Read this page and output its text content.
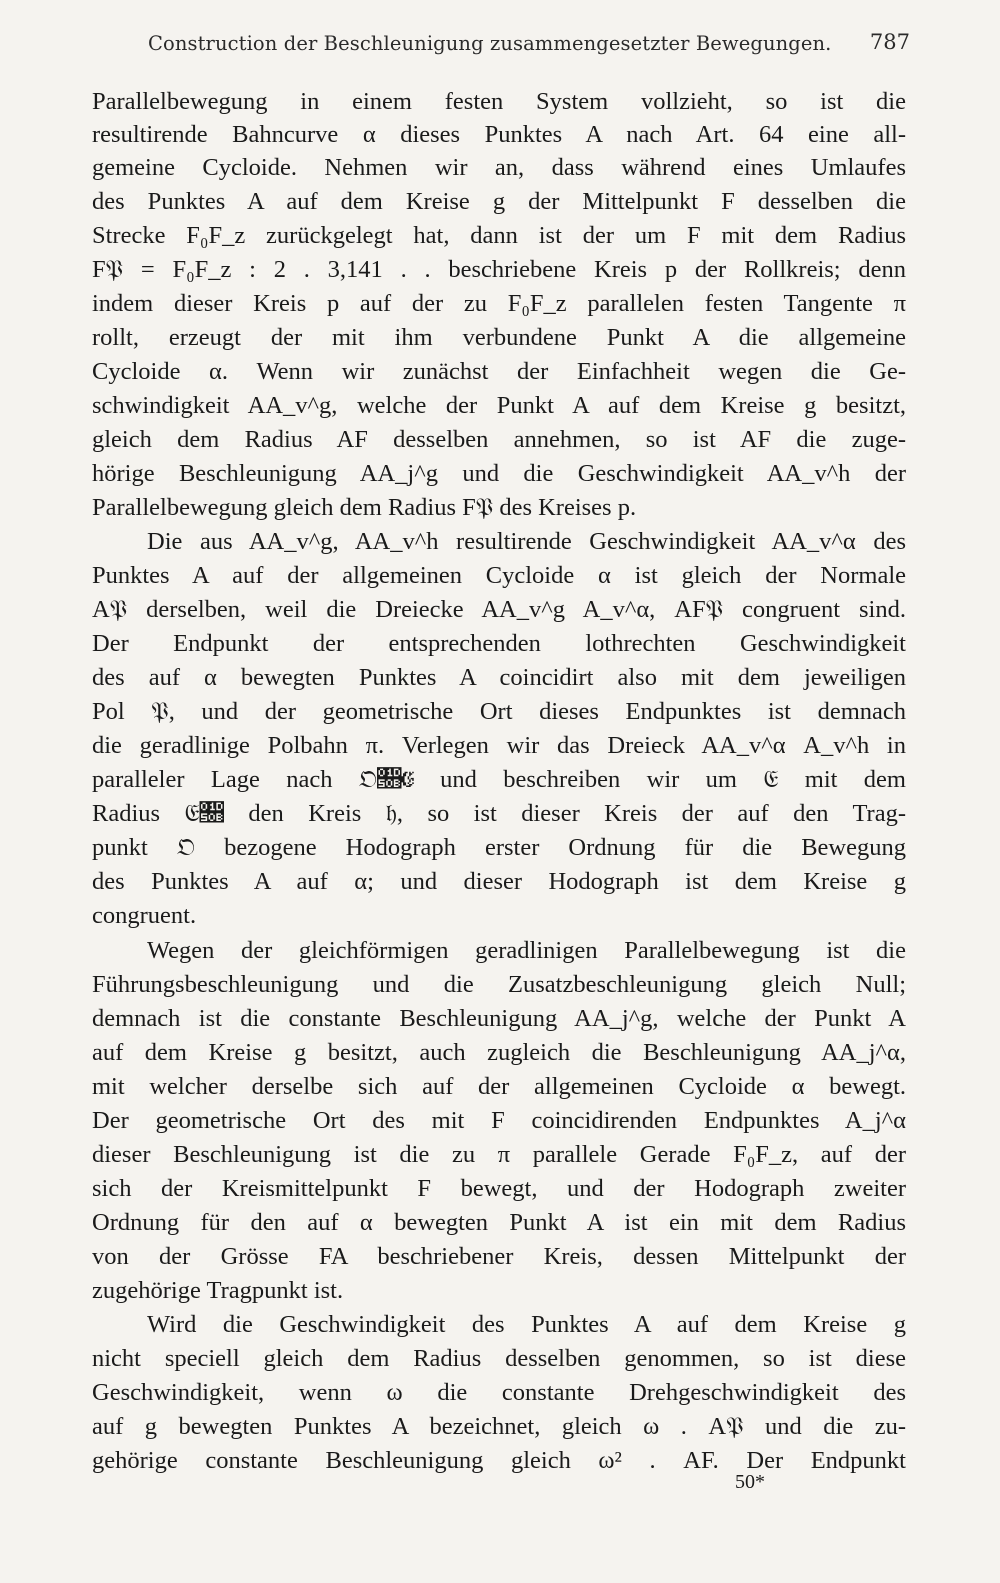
Construction der Beschleunigung zusammengesetzter Bewegungen. 787
Parallelbewegung in einem festen System vollzieht, so ist die
resultirende Bahncurve α dieses Punktes A nach Art. 64 eine all-
gemeine Cycloide. Nehmen wir an, dass während eines Umlaufes
des Punktes A auf dem Kreise g der Mittelpunkt F desselben die
Strecke F₀F_z zurückgelegt hat, dann ist der um F mit dem Radius
F𝔓 = F₀F_z : 2 . 3,141 . . beschriebene Kreis p der Rollkreis; denn
indem dieser Kreis p auf der zu F₀F_z parallelen festen Tangente π
rollt, erzeugt der mit ihm verbundene Punkt A die allgemeine
Cycloide α. Wenn wir zunächst der Einfachheit wegen die Ge-
schwindigkeit AA_v^g, welche der Punkt A auf dem Kreise g besitzt,
gleich dem Radius AF desselben annehmen, so ist AF die zuge-
hörige Beschleunigung AA_j^g und die Geschwindigkeit AA_v^h der
Parallelbewegung gleich dem Radius F𝔓 des Kreises p.
Die aus AA_v^g, AA_v^h resultirende Geschwindigkeit AA_v^α des
Punktes A auf der allgemeinen Cycloide α ist gleich der Normale
A𝔓 derselben, weil die Dreiecke AA_v^g A_v^α, AF𝔓 congruent sind.
Der Endpunkt der entsprechenden lothrechten Geschwindigkeit
des auf α bewegten Punktes A coincidirt also mit dem jeweiligen
Pol 𝔓, und der geometrische Ort dieses Endpunktes ist demnach
die geradlinige Polbahn π. Verlegen wir das Dreieck AA_v^α A_v^h in
paralleler Lage nach 𝔒𝔋𝔈 und beschreiben wir um 𝔈 mit dem
Radius 𝔈𝔋 den Kreis 𝔥, so ist dieser Kreis der auf den Trag-
punkt 𝔒 bezogene Hodograph erster Ordnung für die Bewegung
des Punktes A auf α; und dieser Hodograph ist dem Kreise g
congruent.
Wegen der gleichförmigen geradlinigen Parallelbewegung ist die
Führungsbeschleunigung und die Zusatzbeschleunigung gleich Null;
demnach ist die constante Beschleunigung AA_j^g, welche der Punkt A
auf dem Kreise g besitzt, auch zugleich die Beschleunigung AA_j^α,
mit welcher derselbe sich auf der allgemeinen Cycloide α bewegt.
Der geometrische Ort des mit F coincidirenden Endpunktes A_j^α
dieser Beschleunigung ist die zu π parallele Gerade F₀F_z, auf der
sich der Kreismittelpunkt F bewegt, und der Hodograph zweiter
Ordnung für den auf α bewegten Punkt A ist ein mit dem Radius
von der Grösse FA beschriebener Kreis, dessen Mittelpunkt der
zugehörige Tragpunkt ist.
Wird die Geschwindigkeit des Punktes A auf dem Kreise g
nicht speciell gleich dem Radius desselben genommen, so ist diese
Geschwindigkeit, wenn ω die constante Drehgeschwindigkeit des
auf g bewegten Punktes A bezeichnet, gleich ω . A𝔓 und die zu-
gehörige constante Beschleunigung gleich ω² . AF. Der Endpunkt
50*
